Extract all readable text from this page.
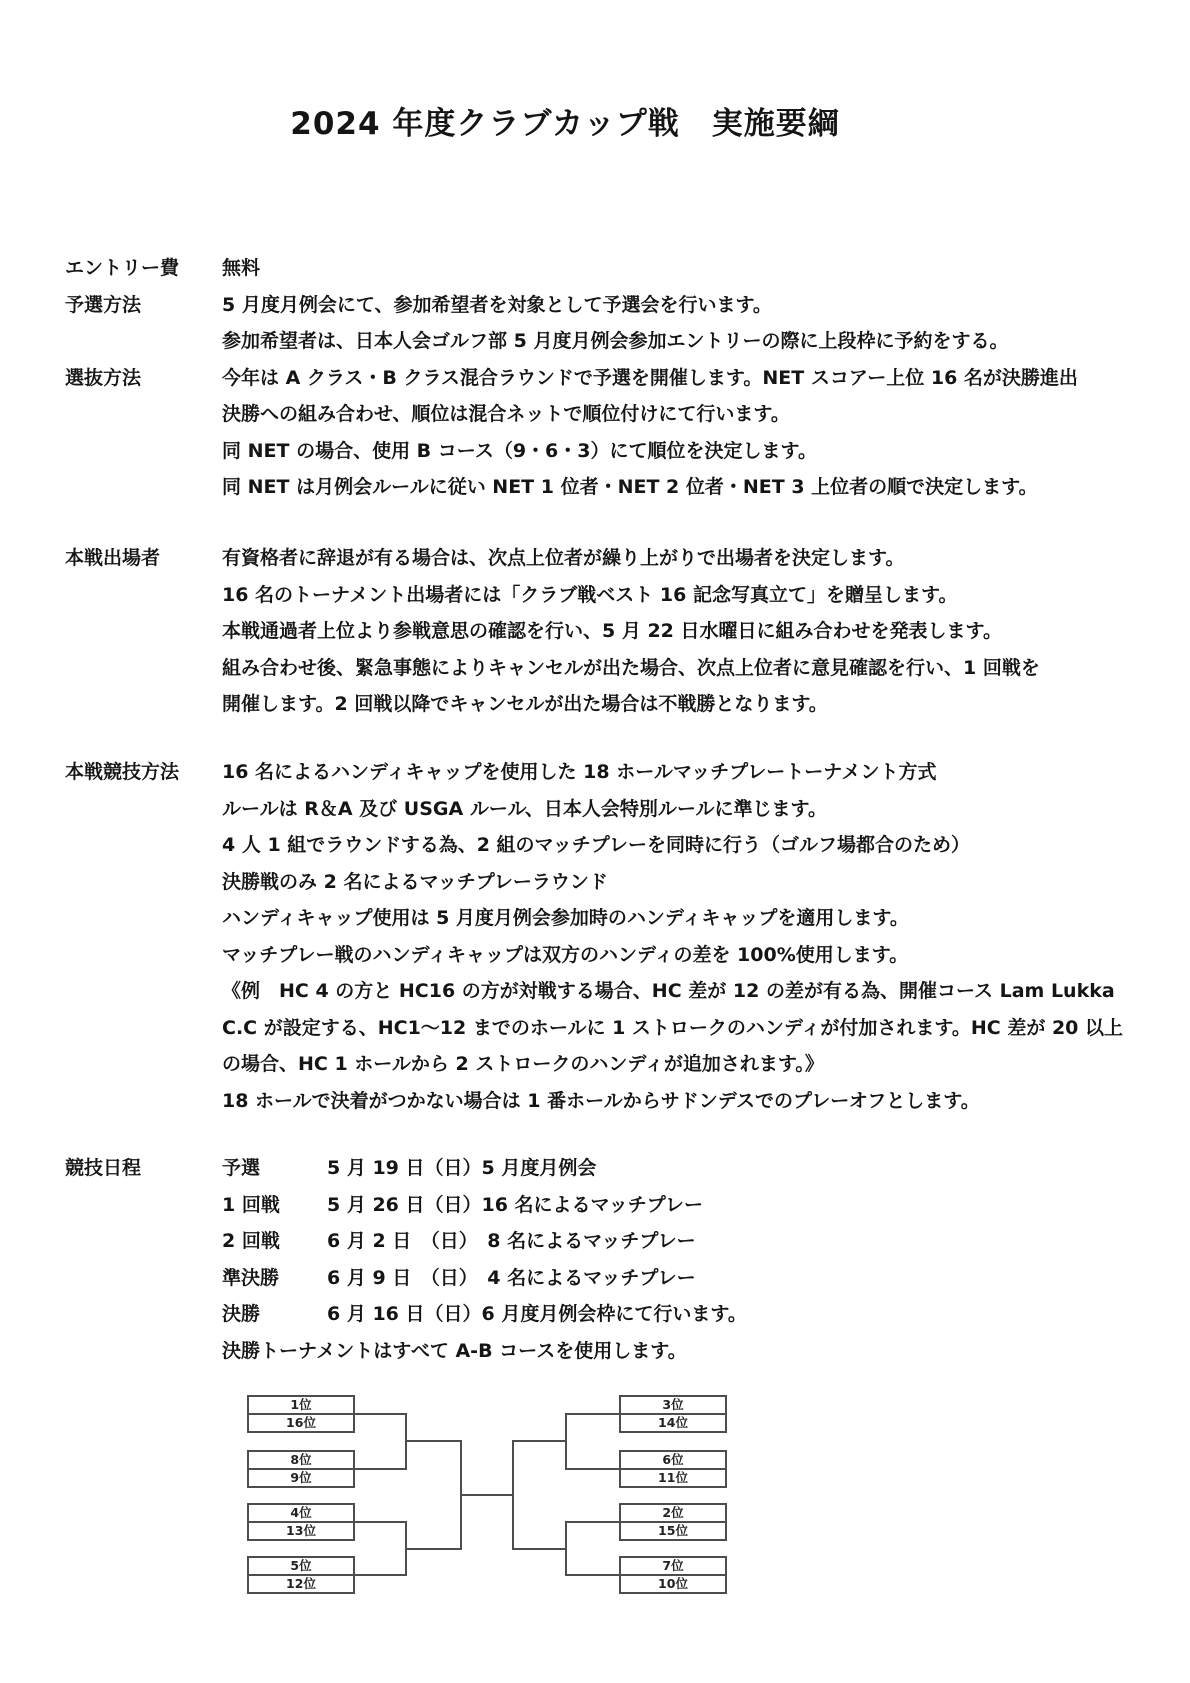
2024 年度クラブカップ戦　実施要綱
エントリー費 無料
予選方法	5 月度月例会にて、参加希望者を対象として予選会を行います。
参加希望者は、日本人会ゴルフ部 5 月度月例会参加エントリーの際に上段枠に予約をする。
選抜方法	今年は A クラス・B クラス混合ラウンドで予選を開催します。NET スコアー上位 16 名が決勝進出
決勝への組み合わせ、順位は混合ネットで順位付けにて行います。
同 NET の場合、使用 B コース（9・6・3）にて順位を決定します。
同 NET は月例会ルールに従い NET 1 位者・NET 2 位者・NET 3 上位者の順で決定します。
本戦出場者	有資格者に辞退が有る場合は、次点上位者が繰り上がりで出場者を決定します。
16 名のトーナメント出場者には「クラブ戦ベスト 16 記念写真立て」を贈呈します。
本戦通過者上位より参戦意思の確認を行い、5 月 22 日水曜日に組み合わせを発表します。
組み合わせ後、緊急事態によりキャンセルが出た場合、次点上位者に意見確認を行い、1 回戦を
開催します。2 回戦以降でキャンセルが出た場合は不戦勝となります。
本戦競技方法 16 名によるハンディキャップを使用した 18 ホールマッチプレートーナメント方式
ルールは R＆A 及び USGA ルール、日本人会特別ルールに準じます。
4 人 1 組でラウンドする為、2 組のマッチプレーを同時に行う（ゴルフ場都合のため）
決勝戦のみ 2 名によるマッチプレーラウンド
ハンディキャップ使用は 5 月度月例会参加時のハンディキャップを適用します。
マッチプレー戦のハンディキャップは双方のハンディの差を 100%使用します。
《例　HC 4 の方と HC16 の方が対戦する場合、HC 差が 12 の差が有る為、開催コース Lam Lukka
C.C が設定する、HC1～12 までのホールに 1 ストロークのハンディが付加されます。HC 差が 20 以上
の場合、HC 1 ホールから 2 ストロークのハンディが追加されます。》
18 ホールで決着がつかない場合は 1 番ホールからサドンデスでのプレーオフとします。
競技日程	予選	5 月 19 日（日）5 月度月例会
1 回戦 5 月 26 日（日）16 名によるマッチプレー
2 回戦 6 月 2 日　（日）　8 名によるマッチプレー
準決勝	6 月 9 日　（日）　4 名によるマッチプレー
決勝	6 月 16 日（日）6 月度月例会枠にて行います。
決勝トーナメントはすべて A-B コースを使用します。
1位
16位
8位
9位
4位
13位
5位
12位
3位
14位
6位
11位
2位
15位
7位
10位
